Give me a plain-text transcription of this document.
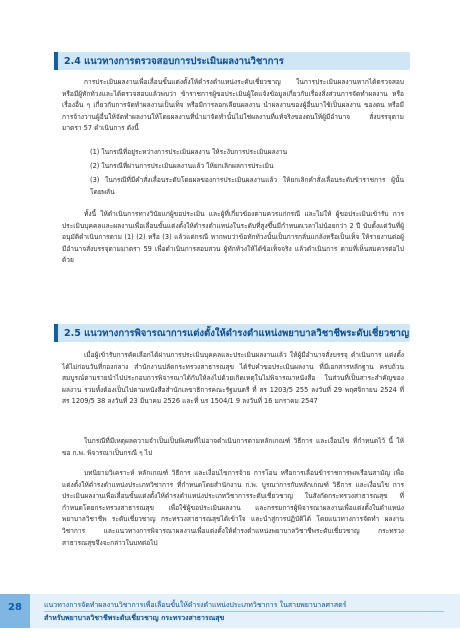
2.4 แนวทางการตรวจสอบการประเมินผลงานวิชาการ

การประเมินผลงานเพื่อเลื่อนขั้นแต่งตั้งให้ดำรงตำแหน่งระดับเชี่ยวชาญ ในการประเมินผลงานหากได้ตรวจสอบ หรือมีผู้ทักท้วงและได้ตรวจสอบแล้วพบว่า ข้าราชการผู้ขอประเมินผู้ใดแจ้งข้อมูลเกี่ยวกับเรื่องสิ่งส่วนการจัดทำผลงาน หรือเรื่องอื่น ๆ เกี่ยวกับการจัดทำผลงานเป็นเท็จ หรือมีการลอกเลียนผลงาน นำผลงานของผู้อื่นมาใช้เป็นผลงาน ของตน หรือมีการจ้างวานผู้อื่นให้จัดทำผลงานให้โดยผลงานที่นำมาจัดทำนั้นไม่ใช่ผลงานที่แท้จริงของตนให้ผู้มีอำนาจ สั่งบรรจุตามมาตรา 57 ดำเนินการ ดังนี้

(1) ในกรณีที่อยู่ระหว่างการประเมินผลงาน ให้ระงับการประเมินผลงาน

(2) ในกรณีที่ผ่านการประเมินผลงานแล้ว ให้ยกเลิกผลการประเมิน

(3) ในกรณีที่มีคำสั่งเลื่อนระดับโดยผลของการประเมินผลงานแล้ว ให้ยกเลิกคำสั่งเลื่อนระดับข้าราชการ ผู้นั้นโดยพลัน

ทั้งนี้ ให้ดำเนินการทางวินัยแก่ผู้ขอประเมิน และผู้ที่เกี่ยวข้องตามควรแก่กรณี และไม่ให้ ผู้ขอประเมินเข้ารับ การประเมินบุคคลและผลงานเพื่อเลื่อนขั้นแต่งตั้งให้ดำรงตำแหน่งในระดับที่สูงขึ้นมีกำหนดเวลาไม่น้อยกว่า 2 ปี นับตั้งแต่วันที่ผู้อนุมัติดำเนินการตาม (1) (2) หรือ (3) แล้วแต่กรณี หากพบว่าข้อทักท้วงนั้นเป็นการกลั่นแกล้งหรือเป็นเท็จ ให้รายงานต่อผู้มีอำนาจสั่งบรรจุตามมาตรา 59 เพื่อดำเนินการสอบสวน ผู้ทักท้วงให้ได้ข้อเท็จจริง แล้วดำเนินการ ตามที่เห็นสมควรต่อไปด้วย

2.5 แนวทางการพิจารณาการแต่งตั้งให้ดำรงตำแหน่งพยาบาลวิชาชีพระดับเชี่ยวชาญ

เมื่อผู้เข้ารับการคัดเลือกได้ผ่านการประเมินบุคคลและประเมินผลงานแล้ว ให้ผู้มีอำนาจสั่งบรรจุ ดำเนินการ แต่งตั้งได้ไม่ก่อนวันที่กองกลาง สำนักงานปลัดกระทรวงสาธารณสุข ได้รับคำขอประเมินผลงาน ที่มีเอกสารหลักฐาน ครบถ้วนสมบูรณ์ตามรายนำไปประกอบการพิจารณาได้กับให้ลงไปด้วยเกิดเหตุในไม่พิจารณาหนังสือ ในส่วนที่เป็นสาระสำคัญของผลงาน รวมทั้งต้องเป็นไปตามหนังสือสำนักเลขาธิการคณะรัฐมนตรี ที่ สร 1203/5 255 ลงวันที่ 29 พฤศจิกายน 2524 ที่ สร 1209/5 38 ลงวันที่ 23 มีนาคม 2526 และที่ นร 1504/1 9 ลงวันที่ 16 มกราคม 2547

ในกรณีที่มีเหตุผลความจำเป็นเป็นพิเศษที่ไม่อาจดำเนินการตามหลักเกณฑ์ วิธีการ และเงื่อนไข ที่กำหนดไว้ นี้ ให้ขอ ก.พ. พิจารณาเป็นกรณี ๆ ไป

บทนิยามวิเคราะห์ หลักเกณฑ์ วิธีการ และเงื่อนไขการจ้าย การโอน หรือการเลื่อนข้าราชการพลเรือนสามัญ เพื่อแต่งตั้งให้ดำรงตำแหน่งประเภทวิชาการ ที่กำหนดโดยสำนักงาน ก.พ. บูรณาการกับหลักเกณฑ์ วิธีการ และเงื่อนไข การประเมินผลงานเพื่อเลื่อนขั้นแต่งตั้งให้ดำรงตำแหน่งประเภทวิชาการระดับเชี่ยวชาญ ในสังกัดกระทรวงสาธารณสุข ที่กำหนดโดยกระทรวงสาธารณสุข เพื่อใช้ผู้ขอประเมินผลงาน และกรรมการผู้พิจารณาผลงานเพื่อแต่งตั้งในตำแหน่ง พยาบาลวิชาชีพ ระดับเชี่ยวชาญ กระทรวงสาธารณสุขได้เข้าใจ และนำสู่การปฏิบัติได้ โดยแนวทางการจัดทำ ผลงานวิชาการ และแนวทางการพิจารณาผลงานเพื่อแต่งตั้งให้ดำรงตำแหน่งพยาบาลวิชาชีพระดับเชี่ยวชาญ กระทรวงสาธารณสุขจึงจะกล่าวในบทต่อไป

28	แนวทางการจัดทำผลงานวิชาการเพื่อเลื่อนขั้นให้ดำรงตำแหน่งประเภทวิชาการ ในสายพยาบาลศาสตร์
สำหรับพยาบาลวิชาชีพระดับเชี่ยวชาญ กระทรวงสาธารณสุข
